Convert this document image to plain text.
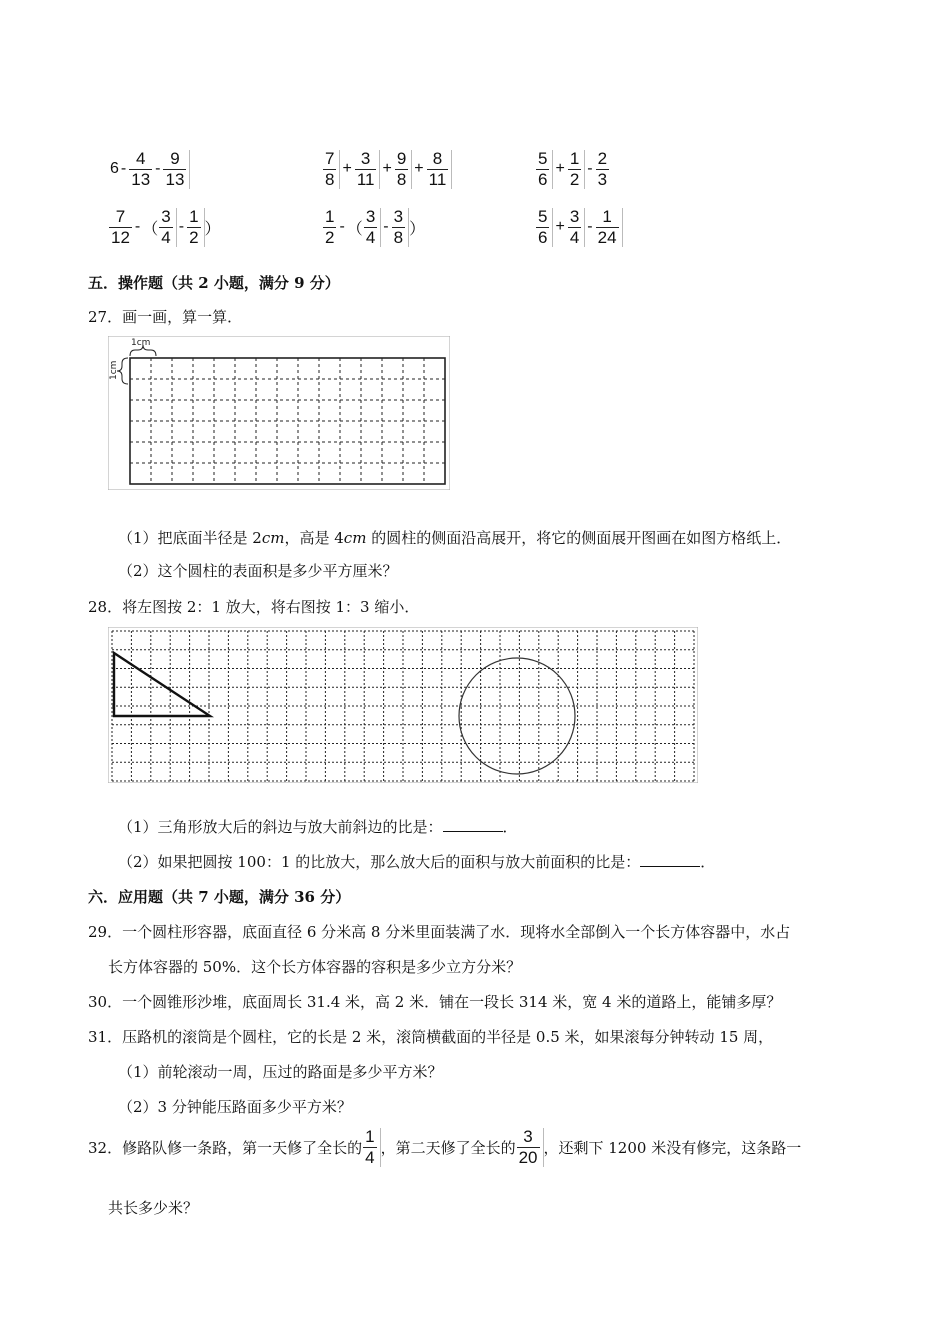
$6 - \frac{4}{13} - \frac{9}{13}$	$\frac{7}{8} + \frac{3}{11} + \frac{9}{8} + \frac{8}{11}$	$\frac{5}{6} + \frac{1}{2} - \frac{2}{3}$
$\frac{7}{12}$ - （ $\frac{3}{4} - \frac{1}{2}$ ）	$\frac{1}{2}$ - （ $\frac{3}{4} - \frac{3}{8}$ ）	$\frac{5}{6} + \frac{3}{4} - \frac{1}{24}$
五．操作题（共 2 小题，满分 9 分）
27．画一画，算一算．
1cm
1cm
（1）把底面半径是 2cm，高是 4cm 的圆柱的侧面沿高展开，将它的侧面展开图画在如图方格纸上．
（2）这个圆柱的表面积是多少平方厘米？
28．将左图按 2：1 放大，将右图按 1：3 缩小．
（1）三角形放大后的斜边与放大前斜边的比是：	．
（2）如果把圆按 100：1 的比放大，那么放大后的面积与放大前面积的比是：	．
六．应用题（共 7 小题，满分 36 分）
29．一个圆柱形容器，底面直径 6 分米高 8 分米里面装满了水．现将水全部倒入一个长方体容器中，水占
长方体容器的 50%．这个长方体容器的容积是多少立方分米？
30．一个圆锥形沙堆，底面周长 31.4 米，高 2 米．铺在一段长 314 米，宽 4 米的道路上，能铺多厚？
31．压路机的滚筒是个圆柱，它的长是 2 米，滚筒横截面的半径是 0.5 米，如果滚每分钟转动 15 周，
（1）前轮滚动一周，压过的路面是多少平方米？
（2）3 分钟能压路面多少平方米？
32．修路队修一条路，第一天修了全长的 $\frac{1}{4}$ ，第二天修了全长的 $\frac{3}{20}$ ，还剩下 1200 米没有修完，这条路一
共长多少米？
